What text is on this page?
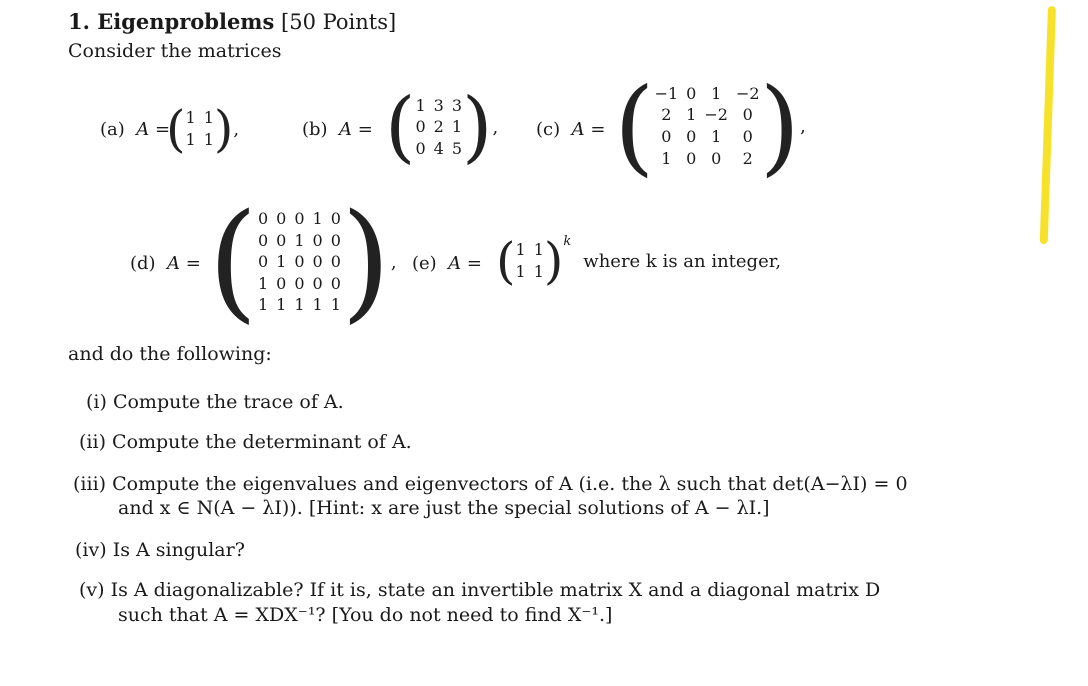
1. Eigenproblems [50 Points]
Consider the matrices
(a) A =
( 1 1
1 1 ) ,	(b) A = ( 1 3 3
0 2 1
0 4 5 ) , (c) A = ( −1 0 1 −2
2 1 −2 0
0 0 1	0
1 0 0	2 ) ,
(d) A = ( 0 0 0 1 0
0 0 1 0 0
0 1 0 0 0
1 0 0 0 0
1 1 1 1 1 ) , (e) A = ( 1 1
1 1 )$^k$
where k is an integer,
and do the following:
(i) Compute the trace of A.
(ii) Compute the determinant of A.
(iii) Compute the eigenvalues and eigenvectors of A (i.e. the λ such that det(A−λI) = 0
and x ∈ N(A − λI)). [Hint: x are just the special solutions of A − λI.]
(iv) Is A singular?
(v) Is A diagonalizable? If it is, state an invertible matrix X and a diagonal matrix D
such that A = XDX⁻¹? [You do not need to find X⁻¹.]
